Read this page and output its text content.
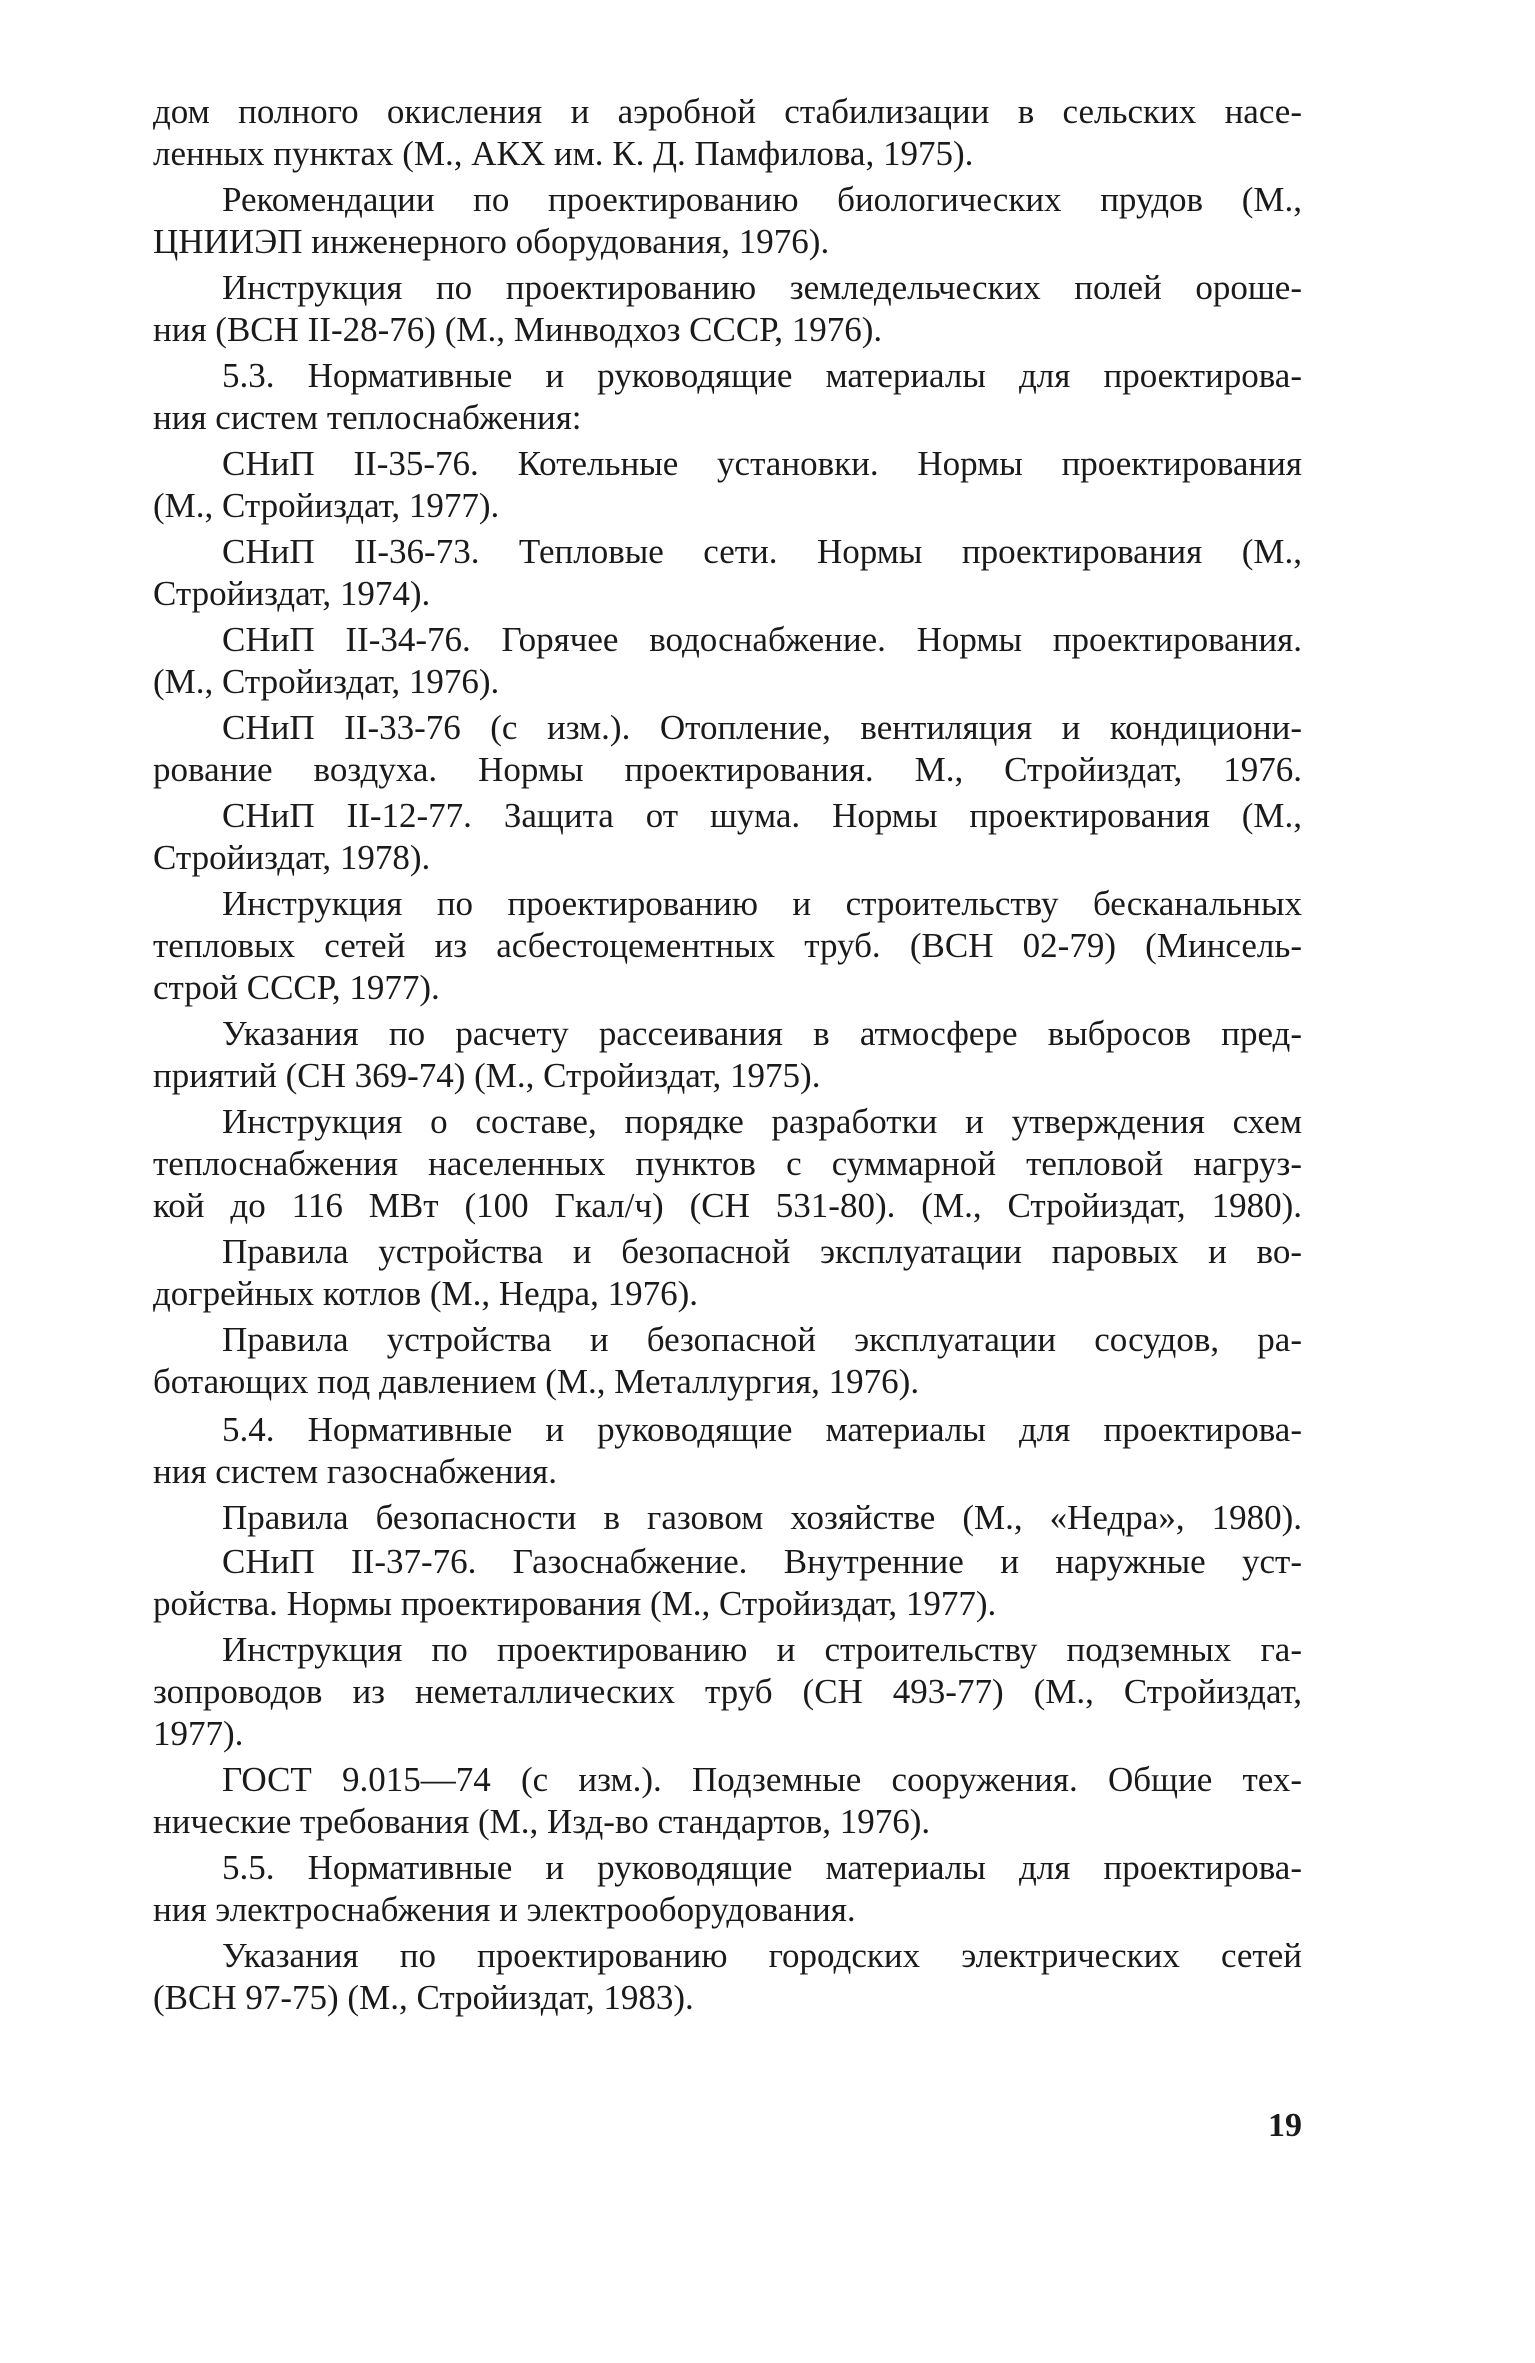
дом полного окисления и аэробной стабилизации в сельских насе-
ленных пунктах (М., АКХ им. К. Д. Памфилова, 1975).
Рекомендации по проектированию биологических прудов (М.,
ЦНИИЭП инженерного оборудования, 1976).
Инструкция по проектированию земледельческих полей ороше-
ния (ВСН II-28-76) (М., Минводхоз СССР, 1976).
5.3. Нормативные и руководящие материалы для проектирова-
ния систем теплоснабжения:
СНиП II-35-76. Котельные установки. Нормы проектирования
(М., Стройиздат, 1977).
СНиП II-36-73. Тепловые сети. Нормы проектирования (М.,
Стройиздат, 1974).
СНиП II-34-76. Горячее водоснабжение. Нормы проектирования.
(М., Стройиздат, 1976).
СНиП II-33-76 (с изм.). Отопление, вентиляция и кондициони-
рование воздуха. Нормы проектирования. М., Стройиздат, 1976.
СНиП II-12-77. Защита от шума. Нормы проектирования (М.,
Стройиздат, 1978).
Инструкция по проектированию и строительству бесканальных
тепловых сетей из асбестоцементных труб. (ВСН 02-79) (Минсель-
строй СССР, 1977).
Указания по расчету рассеивания в атмосфере выбросов пред-
приятий (СН 369-74) (М., Стройиздат, 1975).
Инструкция о составе, порядке разработки и утверждения схем
теплоснабжения населенных пунктов с суммарной тепловой нагруз-
кой до 116 МВт (100 Гкал/ч) (СН 531-80). (М., Стройиздат, 1980).
Правила устройства и безопасной эксплуатации паровых и во-
догрейных котлов (М., Недра, 1976).
Правила устройства и безопасной эксплуатации сосудов, ра-
ботающих под давлением (М., Металлургия, 1976).
5.4. Нормативные и руководящие материалы для проектирова-
ния систем газоснабжения.
Правила безопасности в газовом хозяйстве (М., «Недра», 1980).
СНиП II-37-76. Газоснабжение. Внутренние и наружные уст-
ройства. Нормы проектирования (М., Стройиздат, 1977).
Инструкция по проектированию и строительству подземных га-
зопроводов из неметаллических труб (СН 493-77) (М., Стройиздат,
1977).
ГОСТ 9.015—74 (с изм.). Подземные сооружения. Общие тех-
нические требования (М., Изд-во стандартов, 1976).
5.5. Нормативные и руководящие материалы для проектирова-
ния электроснабжения и электрооборудования.
Указания по проектированию городских электрических сетей
(ВСН 97-75) (М., Стройиздат, 1983).
19
